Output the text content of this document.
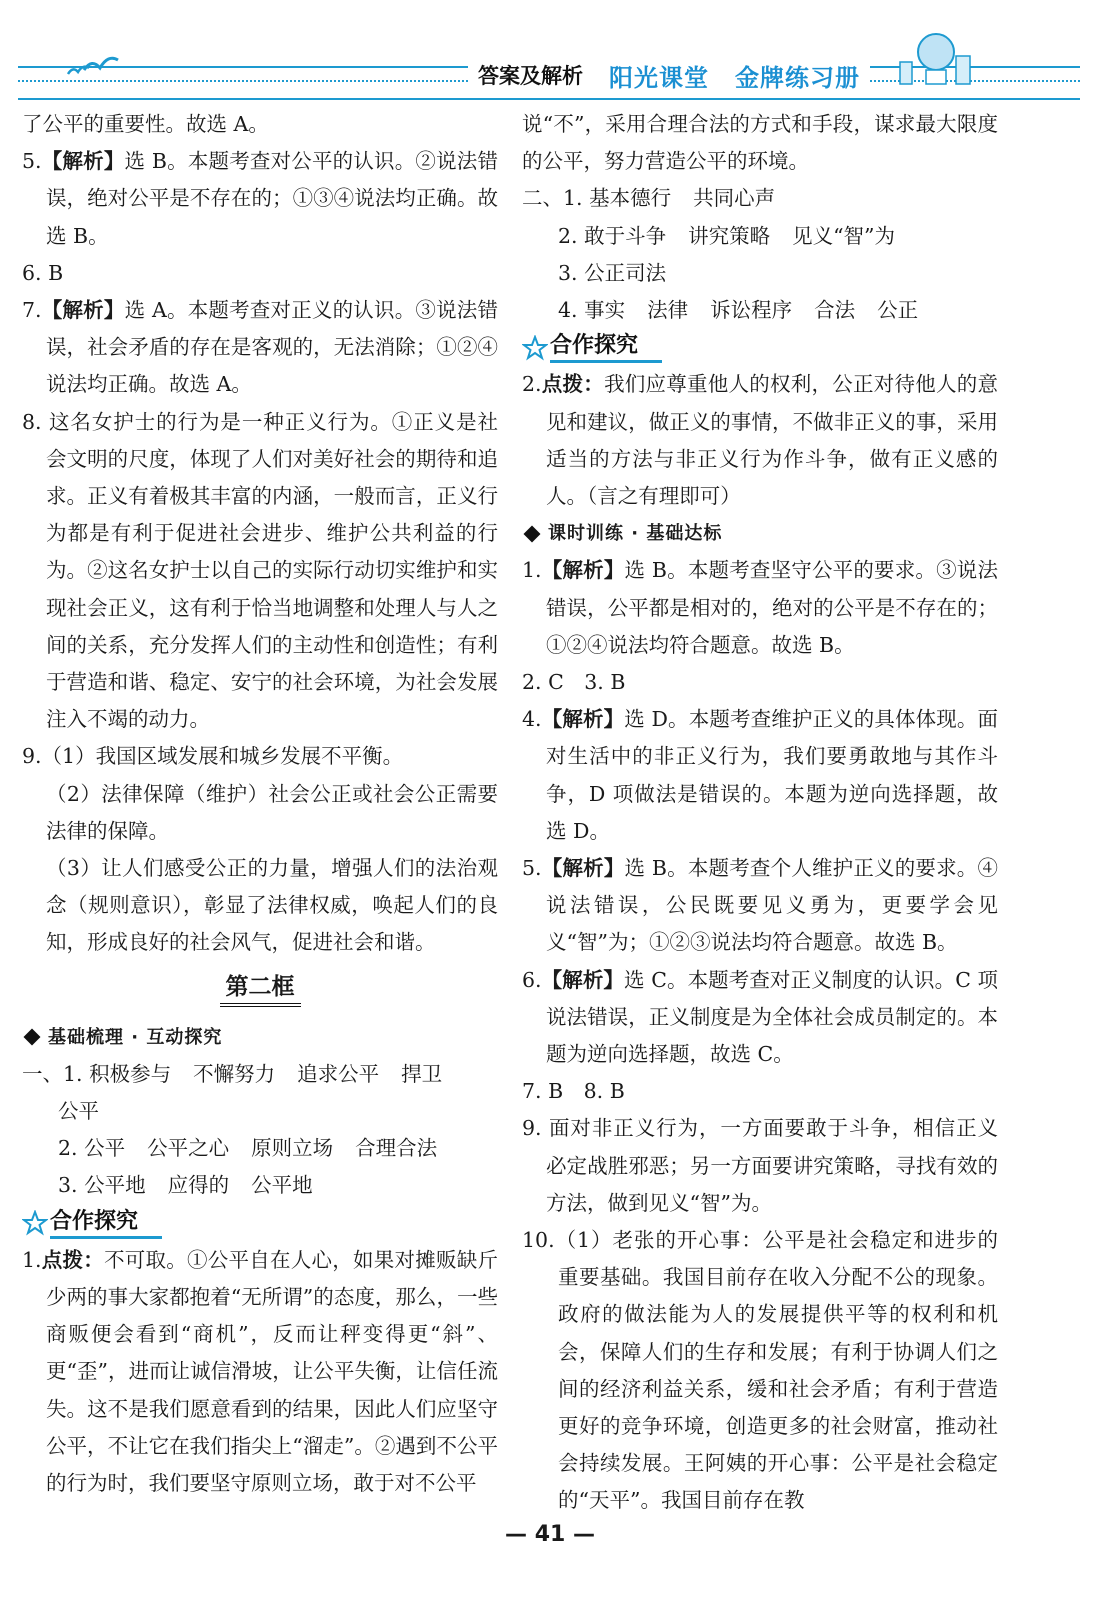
答案及解析 阳光课堂 金牌练习册

了公平的重要性。故选 A。

5.【解析】选 B。本题考查对公平的认识。②说法错误，绝对公平是不存在的；①③④说法均正确。故选 B。

6. B

7.【解析】选 A。本题考查对正义的认识。③说法错误，社会矛盾的存在是客观的，无法消除；①②④说法均正确。故选 A。

8. 这名女护士的行为是一种正义行为。①正义是社会文明的尺度，体现了人们对美好社会的期待和追求。正义有着极其丰富的内涵，一般而言，正义行为都是有利于促进社会进步、维护公共利益的行为。②这名女护士以自己的实际行动切实维护和实现社会正义，这有利于恰当地调整和处理人与人之间的关系，充分发挥人们的主动性和创造性；有利于营造和谐、稳定、安宁的社会环境，为社会发展注入不竭的动力。

9.（1）我国区域发展和城乡发展不平衡。

（2）法律保障（维护）社会公正或社会公正需要法律的保障。

（3）让人们感受公正的力量，增强人们的法治观念（规则意识），彰显了法律权威，唤起人们的良知，形成良好的社会风气，促进社会和谐。

第二框
基础梳理 · 互动探究

一、1. 积极参与 不懈努力 追求公平 捍卫

公平

2. 公平 公平之心 原则立场 合理合法

3. 公平地 应得的 公平地

合作探究

1.点拨：不可取。①公平自在人心，如果对摊贩缺斤少两的事大家都抱着“无所谓”的态度，那么，一些商贩便会看到“商机”，反而让秤变得更“斜”、更“歪”，进而让诚信滑坡，让公平失衡，让信任流失。这不是我们愿意看到的结果，因此人们应坚守公平，不让它在我们指尖上“溜走”。②遇到不公平的行为时，我们要坚守原则立场，敢于对不公平

说“不”，采用合理合法的方式和手段，谋求最大限度的公平，努力营造公平的环境。

二、1. 基本德行 共同心声

2. 敢于斗争 讲究策略 见义“智”为

3. 公正司法

4. 事实 法律 诉讼程序 合法 公正

合作探究

2.点拨：我们应尊重他人的权利，公正对待他人的意见和建议，做正义的事情，不做非正义的事，采用适当的方法与非正义行为作斗争，做有正义感的人。（言之有理即可）

课时训练 · 基础达标

1.【解析】选 B。本题考查坚守公平的要求。③说法错误，公平都是相对的，绝对的公平是不存在的；①②④说法均符合题意。故选 B。

2. C　3. B

4.【解析】选 D。本题考查维护正义的具体体现。面对生活中的非正义行为，我们要勇敢地与其作斗争，D 项做法是错误的。本题为逆向选择题，故选 D。

5.【解析】选 B。本题考查个人维护正义的要求。④说法错误，公民既要见义勇为，更要学会见义“智”为；①②③说法均符合题意。故选 B。

6.【解析】选 C。本题考查对正义制度的认识。C 项说法错误，正义制度是为全体社会成员制定的。本题为逆向选择题，故选 C。

7. B　8. B

9. 面对非正义行为，一方面要敢于斗争，相信正义必定战胜邪恶；另一方面要讲究策略，寻找有效的方法，做到见义“智”为。

10.（1）老张的开心事：公平是社会稳定和进步的重要基础。我国目前存在收入分配不公的现象。政府的做法能为人的发展提供平等的权利和机会，保障人们的生存和发展；有利于协调人们之间的经济利益关系，缓和社会矛盾；有利于营造更好的竞争环境，创造更多的社会财富，推动社会持续发展。王阿姨的开心事：公平是社会稳定的“天平”。我国目前存在教

— 41 —
